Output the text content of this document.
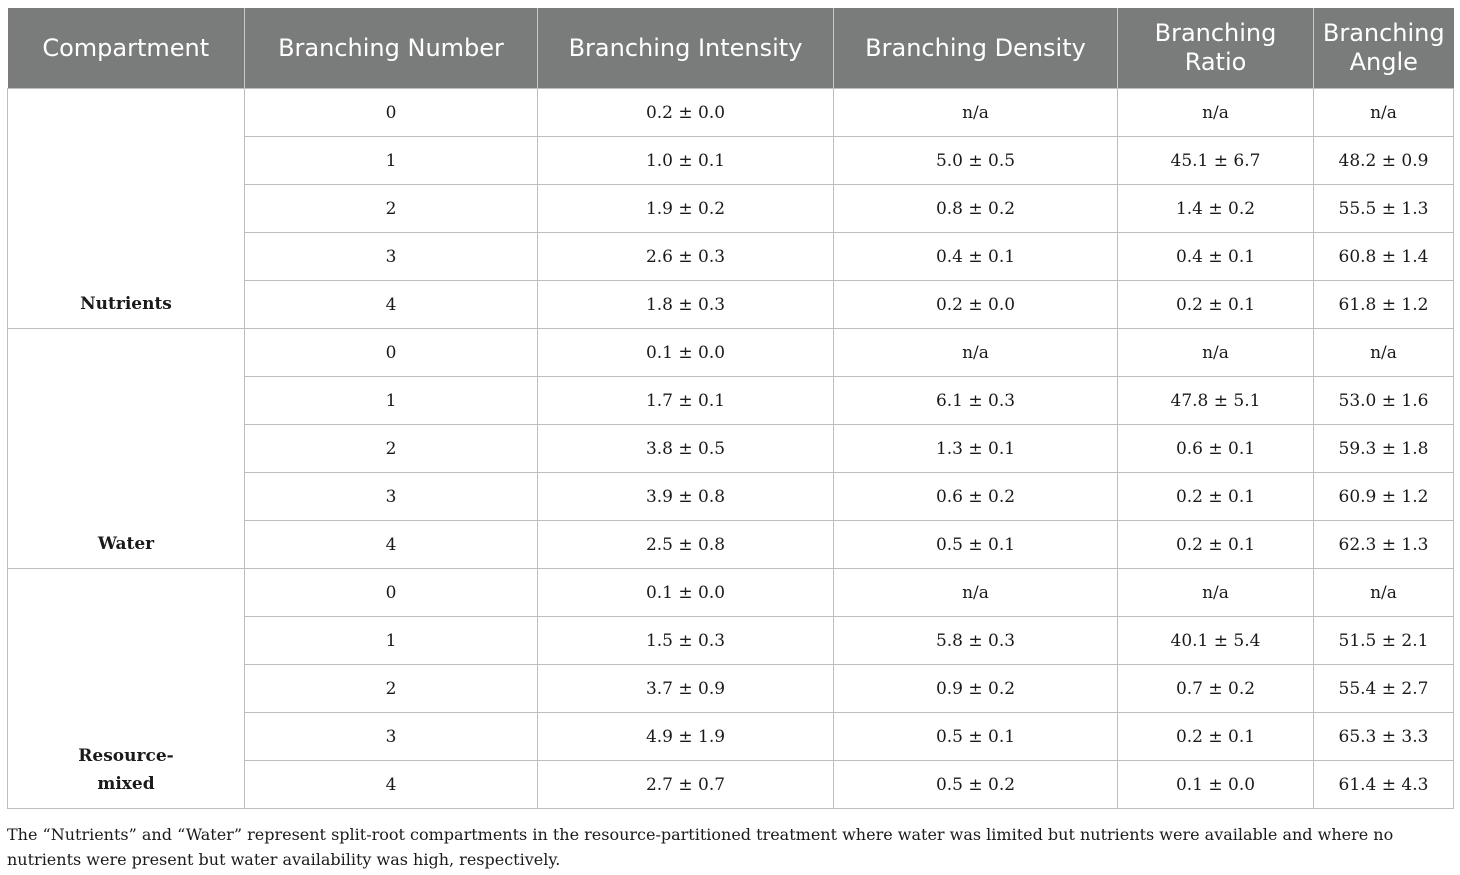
Compartment	Branching Number	Branching Intensity	Branching Density	Branching Ratio	Branching Angle
Nutrients	0	0.2 ± 0.0	n/a	n/a	n/a
	1	1.0 ± 0.1	5.0 ± 0.5	45.1 ± 6.7	48.2 ± 0.9
	2	1.9 ± 0.2	0.8 ± 0.2	1.4 ± 0.2	55.5 ± 1.3
	3	2.6 ± 0.3	0.4 ± 0.1	0.4 ± 0.1	60.8 ± 1.4
	4	1.8 ± 0.3	0.2 ± 0.0	0.2 ± 0.1	61.8 ± 1.2
Water	0	0.1 ± 0.0	n/a	n/a	n/a
	1	1.7 ± 0.1	6.1 ± 0.3	47.8 ± 5.1	53.0 ± 1.6
	2	3.8 ± 0.5	1.3 ± 0.1	0.6 ± 0.1	59.3 ± 1.8
	3	3.9 ± 0.8	0.6 ± 0.2	0.2 ± 0.1	60.9 ± 1.2
	4	2.5 ± 0.8	0.5 ± 0.1	0.2 ± 0.1	62.3 ± 1.3
Resource-mixed	0	0.1 ± 0.0	n/a	n/a	n/a
	1	1.5 ± 0.3	5.8 ± 0.3	40.1 ± 5.4	51.5 ± 2.1
	2	3.7 ± 0.9	0.9 ± 0.2	0.7 ± 0.2	55.4 ± 2.7
	3	4.9 ± 1.9	0.5 ± 0.1	0.2 ± 0.1	65.3 ± 3.3
	4	2.7 ± 0.7	0.5 ± 0.2	0.1 ± 0.0	61.4 ± 4.3
The “Nutrients” and “Water” represent split-root compartments in the resource-partitioned treatment where water was limited but nutrients were available and where no nutrients were present but water availability was high, respectively.
